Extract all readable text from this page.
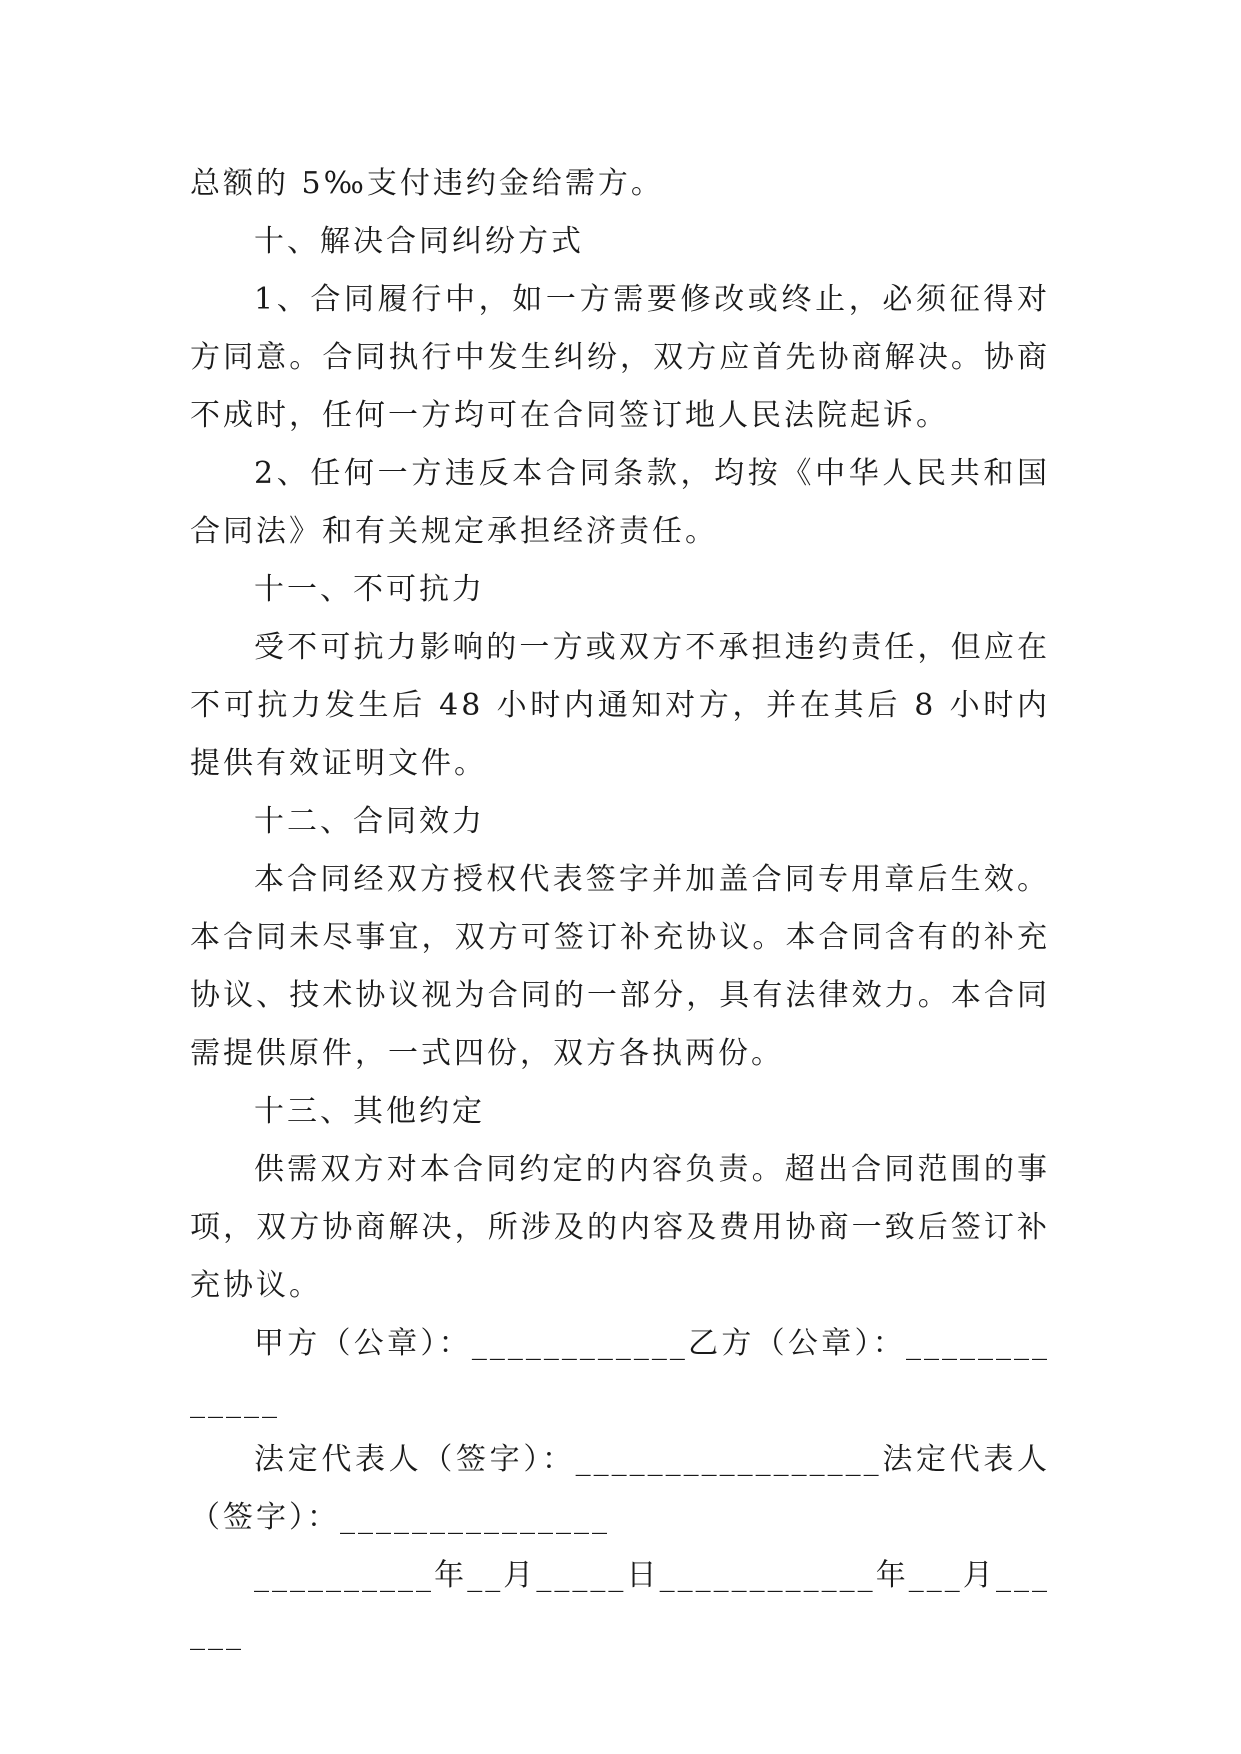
总额的 5‰支付违约金给需方。

十、解决合同纠纷方式

1、合同履行中，如一方需要修改或终止，必须征得对方同意。合同执行中发生纠纷，双方应首先协商解决。协商不成时，任何一方均可在合同签订地人民法院起诉。

2、任何一方违反本合同条款，均按《中华人民共和国合同法》和有关规定承担经济责任。

十一、不可抗力

受不可抗力影响的一方或双方不承担违约责任，但应在不可抗力发生后 48 小时内通知对方，并在其后 8 小时内提供有效证明文件。

十二、合同效力

本合同经双方授权代表签字并加盖合同专用章后生效。本合同未尽事宜，双方可签订补充协议。本合同含有的补充协议、技术协议视为合同的一部分，具有法律效力。本合同需提供原件，一式四份，双方各执两份。

十三、其他约定

供需双方对本合同约定的内容负责。超出合同范围的事项，双方协商解决，所涉及的内容及费用协商一致后签订补充协议。

甲方（公章）：____________乙方（公章）：_____________

法定代表人（签字）：_________________法定代表人（签字）：_______________

__________年__月_____日____________年___月______
